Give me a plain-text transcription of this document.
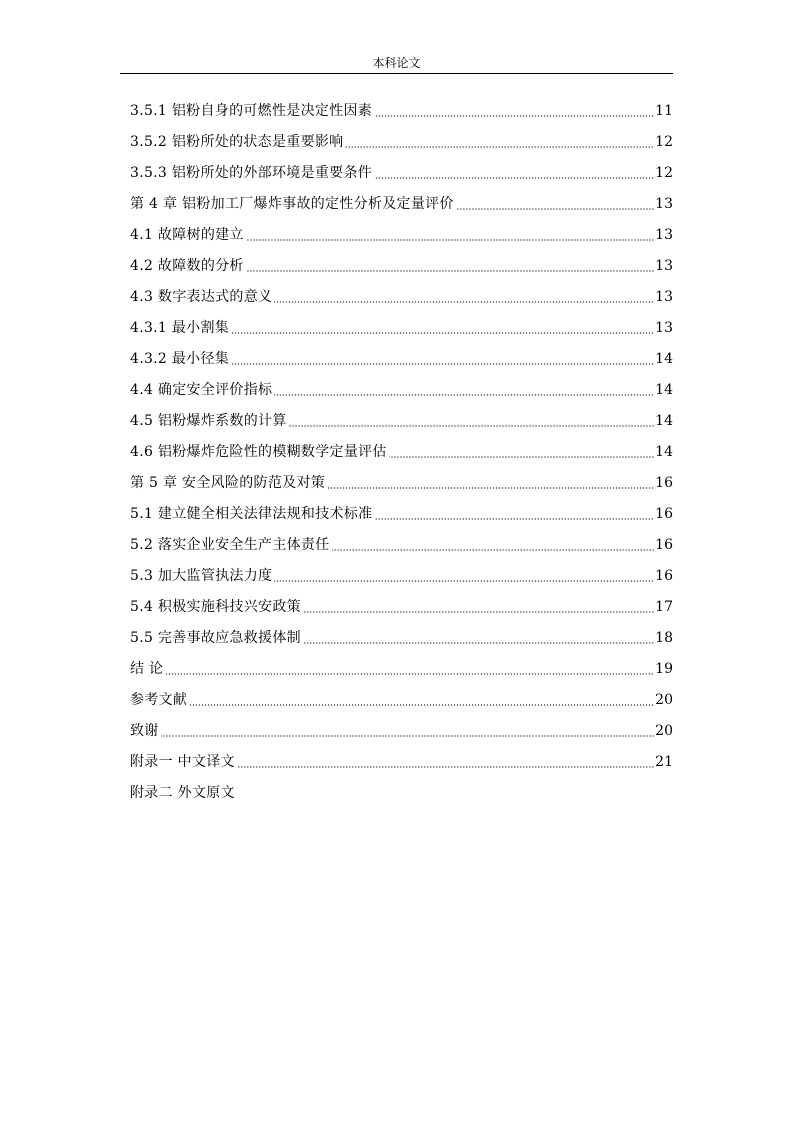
本科论文
3.5.1 铝粉自身的可燃性是决定性因素	11
3.5.2 铝粉所处的状态是重要影响	12
3.5.3 铝粉所处的外部环境是重要条件	12
第 4 章 铝粉加工厂爆炸事故的定性分析及定量评价	13
4.1 故障树的建立	13
4.2 故障数的分析	13
4.3 数字表达式的意义	13
4.3.1 最小割集	13
4.3.2 最小径集	14
4.4 确定安全评价指标	14
4.5 铝粉爆炸系数的计算	14
4.6 铝粉爆炸危险性的模糊数学定量评估	14
第 5 章 安全风险的防范及对策	16
5.1 建立健全相关法律法规和技术标准	16
5.2 落实企业安全生产主体责任	16
5.3 加大监管执法力度	16
5.4 积极实施科技兴安政策	17
5.5 完善事故应急救援体制	18
结 论	19
参考文献	20
致谢	20
附录一 中文译文	21
附录二 外文原文
